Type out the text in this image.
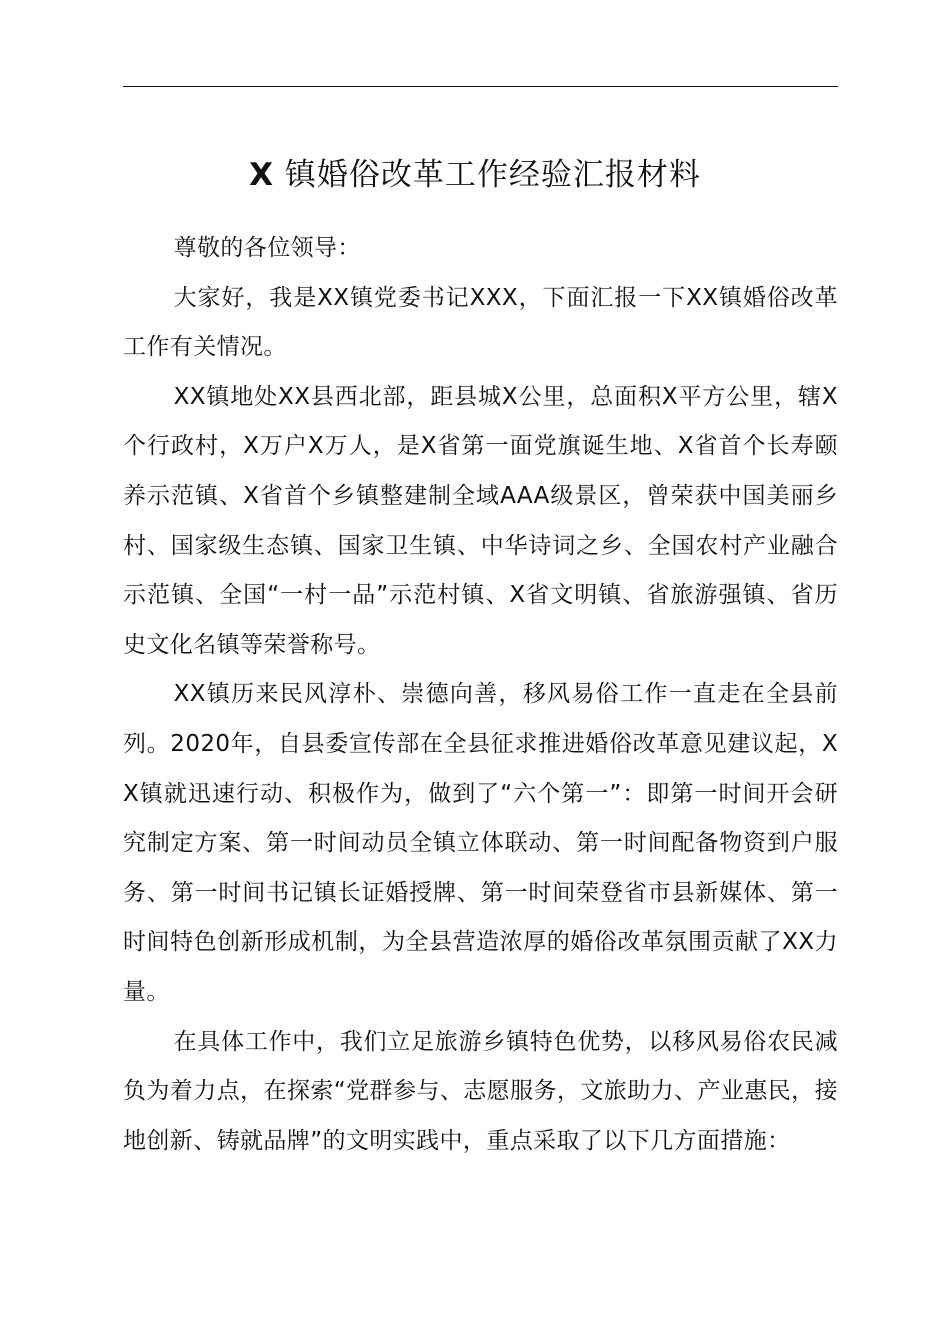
X 镇婚俗改革工作经验汇报材料

尊敬的各位领导：

大家好，我是XX镇党委书记XXX，下面汇报一下XX镇婚俗改革工作有关情况。

XX镇地处XX县西北部，距县城X公里，总面积X平方公里，辖X个行政村，X万户X万人，是X省第一面党旗诞生地、X省首个长寿颐养示范镇、X省首个乡镇整建制全域AAA级景区，曾荣获中国美丽乡村、国家级生态镇、国家卫生镇、中华诗词之乡、全国农村产业融合示范镇、全国“一村一品”示范村镇、X省文明镇、省旅游强镇、省历史文化名镇等荣誉称号。

XX镇历来民风淳朴、崇德向善，移风易俗工作一直走在全县前列。2020年，自县委宣传部在全县征求推进婚俗改革意见建议起，XX镇就迅速行动、积极作为，做到了“六个第一”：即第一时间开会研究制定方案、第一时间动员全镇立体联动、第一时间配备物资到户服务、第一时间书记镇长证婚授牌、第一时间荣登省市县新媒体、第一时间特色创新形成机制，为全县营造浓厚的婚俗改革氛围贡献了XX力量。

在具体工作中，我们立足旅游乡镇特色优势，以移风易俗农民减负为着力点，在探索“党群参与、志愿服务，文旅助力、产业惠民，接地创新、铸就品牌”的文明实践中，重点采取了以下几方面措施：
